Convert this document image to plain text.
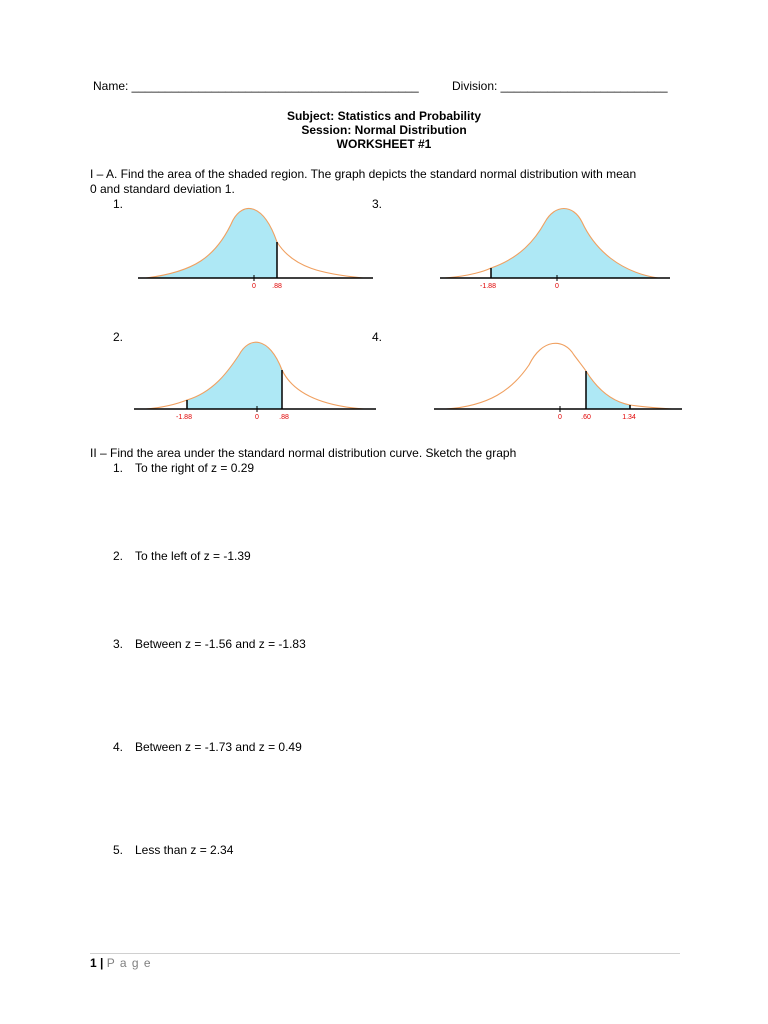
Name: ___________________________________________	Division: _________________________
Subject: Statistics and Probability
Session: Normal Distribution
WORKSHEET #1
I – A. Find the area of the shaded region. The graph depicts the standard normal distribution with mean
0 and standard deviation 1.
1.	3.
2.	4.
0 .88	-1.88	0
-1.88	0	.88	0	.60	1.34
II – Find the area under the standard normal distribution curve. Sketch the graph
1. To the right of z = 0.29
2. To the left of z = -1.39
3. Between z = -1.56 and z = -1.83
4. Between z = -1.73 and z = 0.49
5. Less than z = 2.34
1 | P a g e
